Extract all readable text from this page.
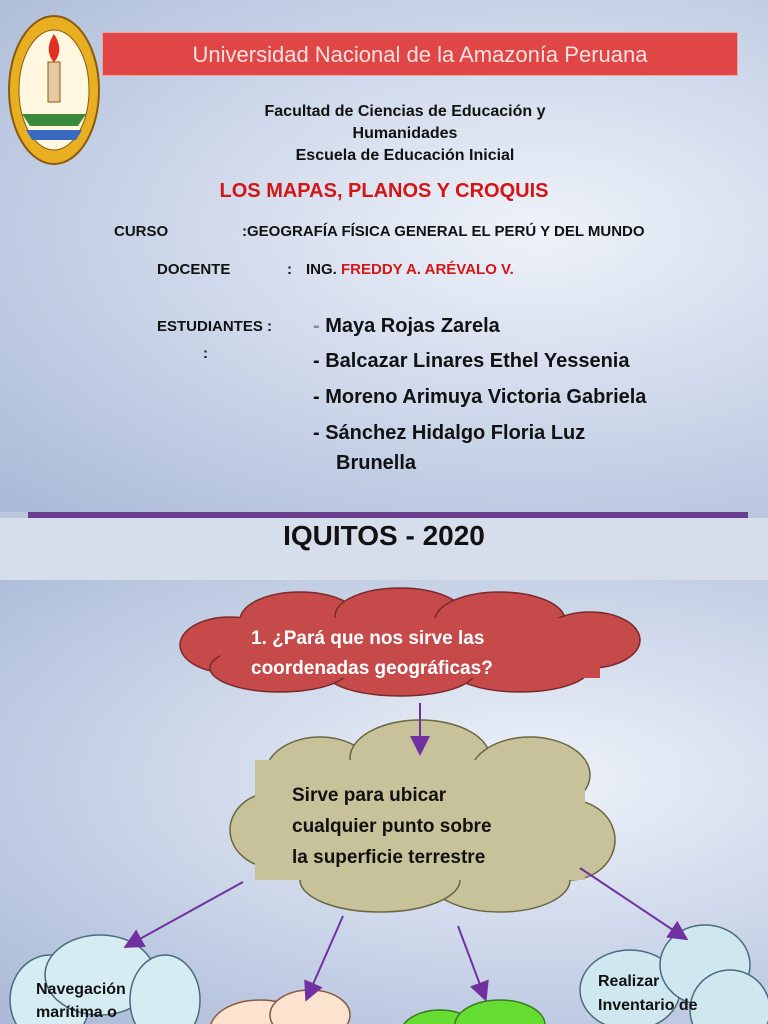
Universidad Nacional de la Amazonía Peruana
Facultad de Ciencias de Educación y
Humanidades
Escuela de Educación Inicial
LOS MAPAS, PLANOS Y CROQUIS
CURSO	:GEOGRAFÍA FÍSICA GENERAL EL PERÚ Y DEL MUNDO
DOCENTE	: ING. FREDDY A. ARÉVALO V.
ESTUDIANTES :
:
- Maya Rojas Zarela
- Balcazar Linares Ethel Yessenia
- Moreno Arimuya Victoria Gabriela
- Sánchez Hidalgo Floria Luz
Brunella
IQUITOS - 2020
1. ¿Pará que nos sirve las
coordenadas geográficas?
Sirve para ubicar
cualquier punto sobre
la superficie terrestre
Navegación
marítima o
Realizar
Inventario de
